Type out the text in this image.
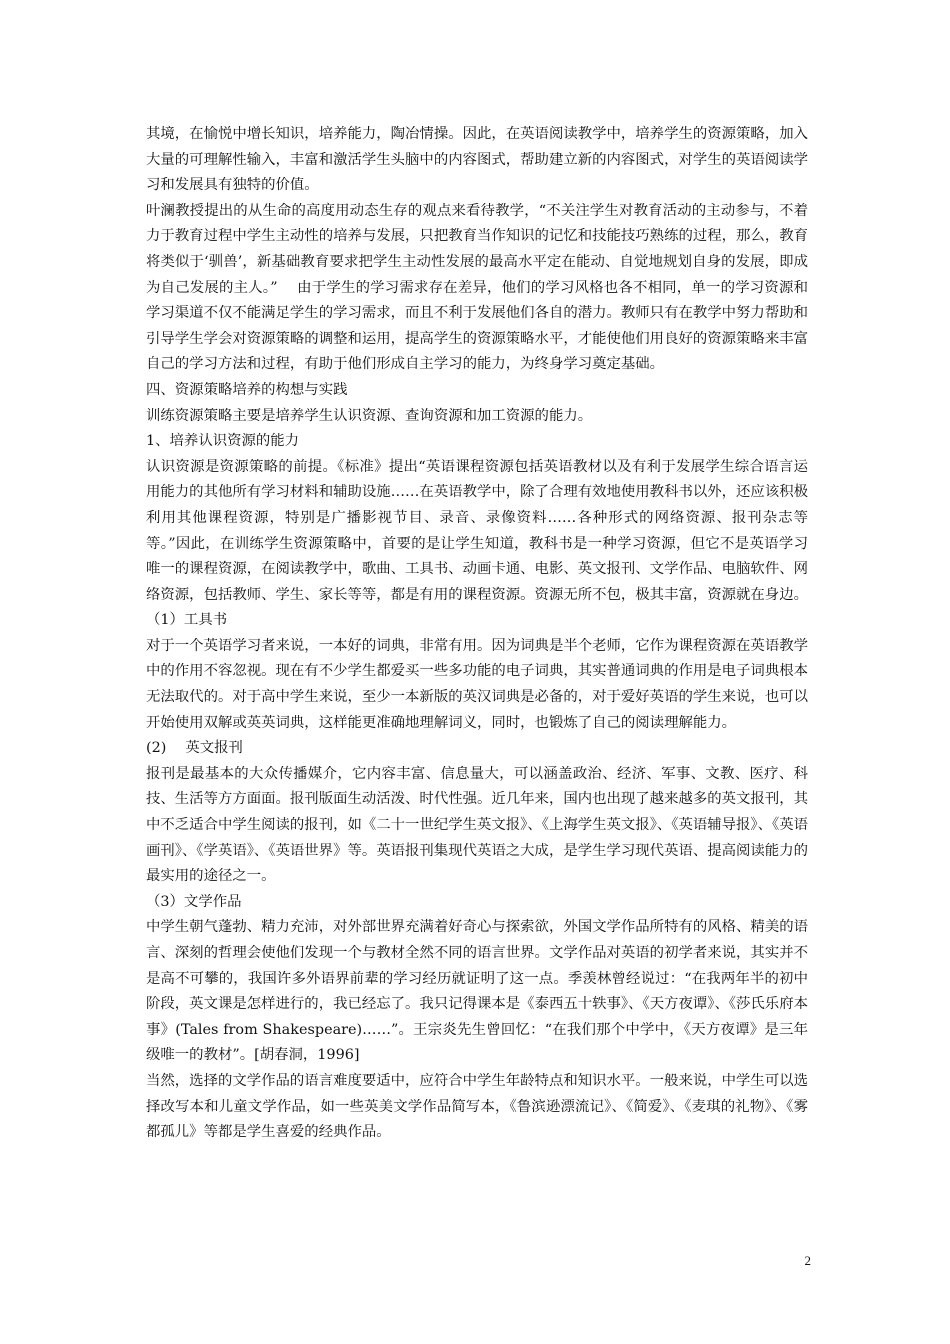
其境，在愉悦中增长知识，培养能力，陶冶情操。因此，在英语阅读教学中，培养学生的资源策略，加入大量的可理解性输入，丰富和激活学生头脑中的内容图式，帮助建立新的内容图式，对学生的英语阅读学习和发展具有独特的价值。

叶澜教授提出的从生命的高度用动态生存的观点来看待教学，“不关注学生对教育活动的主动参与，不着力于教育过程中学生主动性的培养与发展，只把教育当作知识的记忆和技能技巧熟练的过程，那么，教育将类似于‘驯兽’，新基础教育要求把学生主动性发展的最高水平定在能动、自觉地规划自身的发展，即成为自己发展的主人。”　 由于学生的学习需求存在差异，他们的学习风格也各不相同，单一的学习资源和学习渠道不仅不能满足学生的学习需求，而且不利于发展他们各自的潜力。教师只有在教学中努力帮助和引导学生学会对资源策略的调整和运用，提高学生的资源策略水平，才能使他们用良好的资源策略来丰富自己的学习方法和过程，有助于他们形成自主学习的能力，为终身学习奠定基础。

四、资源策略培养的构想与实践

训练资源策略主要是培养学生认识资源、查询资源和加工资源的能力。

1、培养认识资源的能力

认识资源是资源策略的前提。《标准》提出“英语课程资源包括英语教材以及有利于发展学生综合语言运用能力的其他所有学习材料和辅助设施……在英语教学中，除了合理有效地使用教科书以外，还应该积极利用其他课程资源，特别是广播影视节目、录音、录像资料……各种形式的网络资源、报刊杂志等等。”因此，在训练学生资源策略中，首要的是让学生知道，教科书是一种学习资源，但它不是英语学习唯一的课程资源，在阅读教学中，歌曲、工具书、动画卡通、电影、英文报刊、文学作品、电脑软件、网络资源，包括教师、学生、家长等等，都是有用的课程资源。资源无所不包，极其丰富，资源就在身边。

（1）工具书

对于一个英语学习者来说，一本好的词典，非常有用。因为词典是半个老师，它作为课程资源在英语教学中的作用不容忽视。现在有不少学生都爱买一些多功能的电子词典，其实普通词典的作用是电子词典根本无法取代的。对于高中学生来说，至少一本新版的英汉词典是必备的，对于爱好英语的学生来说，也可以开始使用双解或英英词典，这样能更准确地理解词义，同时，也锻炼了自己的阅读理解能力。

(2)　 英文报刊

报刊是最基本的大众传播媒介，它内容丰富、信息量大，可以涵盖政治、经济、军事、文教、医疗、科技、生活等方方面面。报刊版面生动活泼、时代性强。近几年来，国内也出现了越来越多的英文报刊，其中不乏适合中学生阅读的报刊，如《二十一世纪学生英文报》、《上海学生英文报》、《英语辅导报》、《英语画刊》、《学英语》、《英语世界》等。英语报刊集现代英语之大成，是学生学习现代英语、提高阅读能力的最实用的途径之一。

（3）文学作品

中学生朝气蓬勃、精力充沛，对外部世界充满着好奇心与探索欲，外国文学作品所特有的风格、精美的语言、深刻的哲理会使他们发现一个与教材全然不同的语言世界。文学作品对英语的初学者来说，其实并不是高不可攀的，我国许多外语界前辈的学习经历就证明了这一点。季羡林曾经说过：“在我两年半的初中阶段，英文课是怎样进行的，我已经忘了。我只记得课本是《泰西五十轶事》、《天方夜谭》、《莎氏乐府本事》(Tales from Shakespeare)……”。王宗炎先生曾回忆：“在我们那个中学中，《天方夜谭》是三年级唯一的教材”。[胡春洞，1996]

当然，选择的文学作品的语言难度要适中，应符合中学生年龄特点和知识水平。一般来说，中学生可以选择改写本和儿童文学作品，如一些英美文学作品简写本，《鲁滨逊漂流记》、《简爱》、《麦琪的礼物》、《雾都孤儿》等都是学生喜爱的经典作品。

2
